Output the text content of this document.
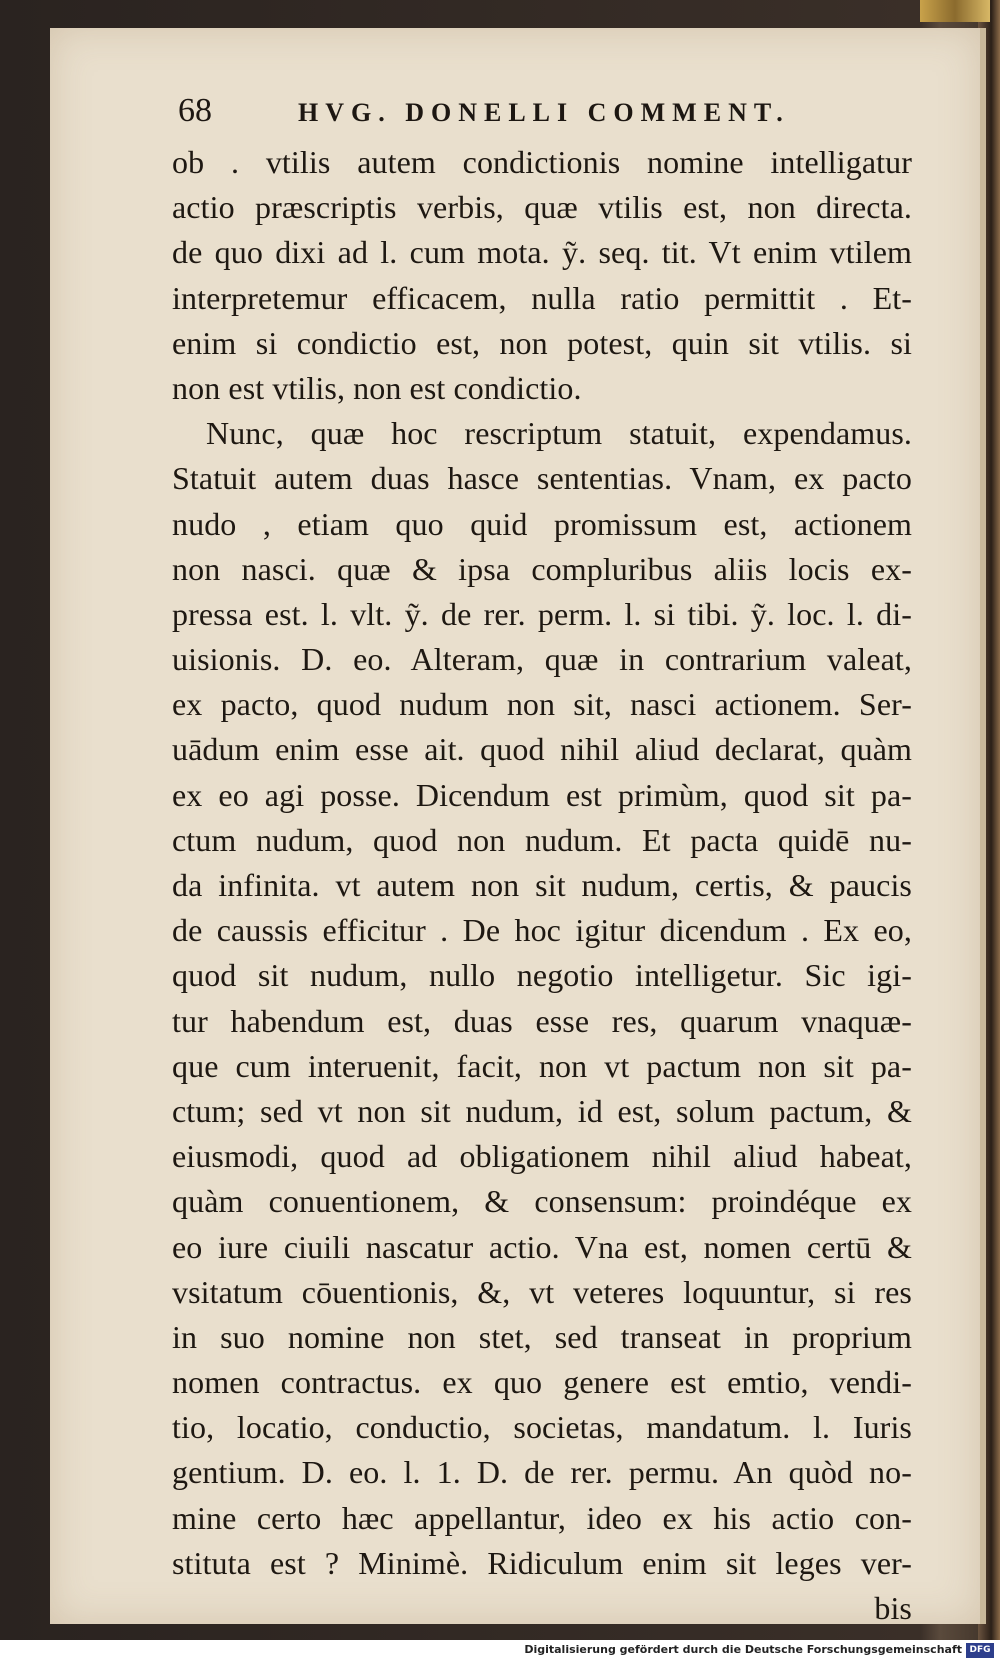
68	HVG. DONELLI COMMENT.
ob . vtilis autem condictionis nomine intelligatur
actio præscriptis verbis, quæ vtilis est, non directa.
de quo dixi ad l. cum mota. ỹ. seq. tit. Vt enim vtilem
interpretemur efficacem, nulla ratio permittit . Et-
enim si condictio est, non potest, quin sit vtilis. si
non est vtilis, non est condictio.
Nunc, quæ hoc rescriptum statuit, expendamus.
Statuit autem duas hasce sententias. Vnam, ex pacto
nudo , etiam quo quid promissum est, actionem
non nasci. quæ & ipsa compluribus aliis locis ex-
pressa est. l. vlt. ỹ. de rer. perm. l. si tibi. ỹ. loc. l. di-
uisionis. D. eo. Alteram, quæ in contrarium valeat,
ex pacto, quod nudum non sit, nasci actionem. Ser-
uādum enim esse ait. quod nihil aliud declarat, quàm
ex eo agi posse. Dicendum est primùm, quod sit pa-
ctum nudum, quod non nudum. Et pacta quidē nu-
da infinita. vt autem non sit nudum, certis, & paucis
de caussis efficitur . De hoc igitur dicendum . Ex eo,
quod sit nudum, nullo negotio intelligetur. Sic igi-
tur habendum est, duas esse res, quarum vnaquæ-
que cum interuenit, facit, non vt pactum non sit pa-
ctum; sed vt non sit nudum, id est, solum pactum, &
eiusmodi, quod ad obligationem nihil aliud habeat,
quàm conuentionem, & consensum: proindéque ex
eo iure ciuili nascatur actio. Vna est, nomen certū &
vsitatum cōuentionis, &, vt veteres loquuntur, si res
in suo nomine non stet, sed transeat in proprium
nomen contractus. ex quo genere est emtio, vendi-
tio, locatio, conductio, societas, mandatum. l. Iuris
gentium. D. eo. l. 1. D. de rer. permu. An quòd no-
mine certo hæc appellantur, ideo ex his actio con-
stituta est ? Minimè. Ridiculum enim sit leges ver-
bis
Digitalisierung gefördert durch die Deutsche Forschungsgemeinschaft DFG
